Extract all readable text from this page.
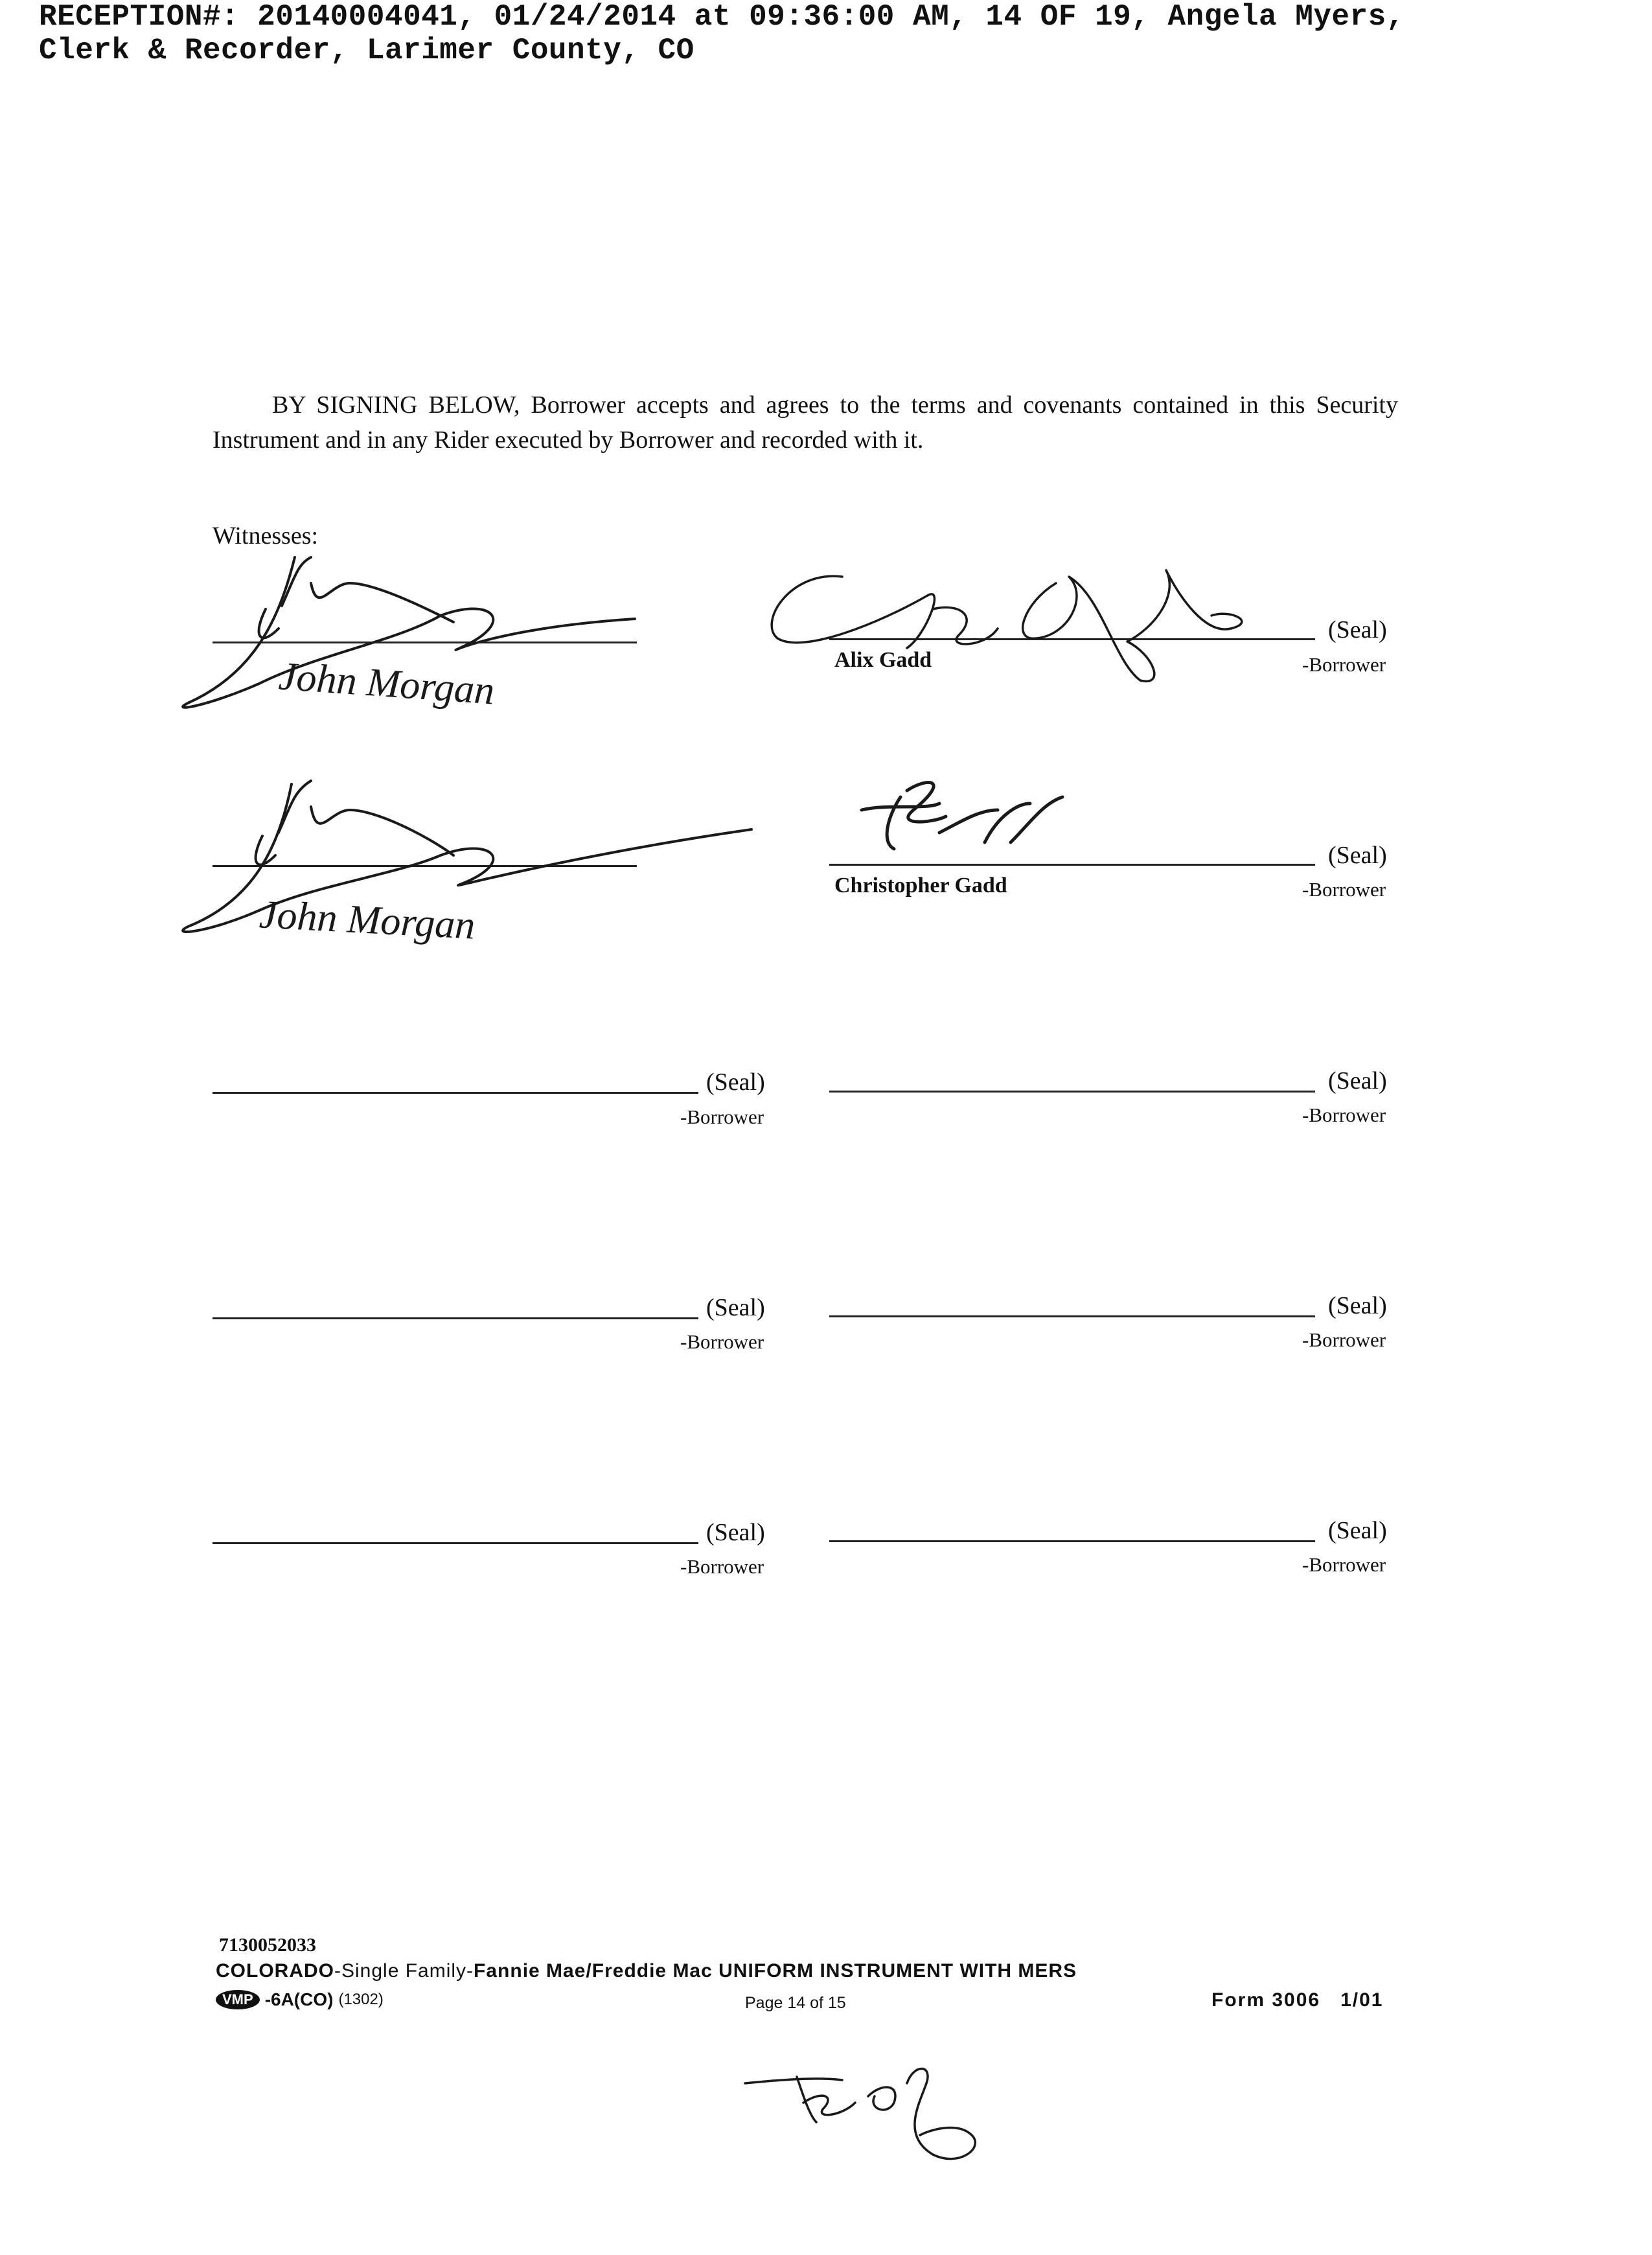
RECEPTION#: 20140004041, 01/24/2014 at 09:36:00 AM, 14 OF 19, Angela Myers,
Clerk & Recorder, Larimer County, CO
BY SIGNING BELOW, Borrower accepts and agrees to the terms and covenants contained in this Security Instrument and in any Rider executed by Borrower and recorded with it.
Witnesses:
John Morgan
John Morgan
Alix Gadd
(Seal)
-Borrower
Christopher Gadd
(Seal)
-Borrower
(Seal)
-Borrower
(Seal)
-Borrower
(Seal)
-Borrower
(Seal)
-Borrower
(Seal)
-Borrower
(Seal)
-Borrower
7130052033
COLORADO-Single Family-Fannie Mae/Freddie Mac UNIFORM INSTRUMENT WITH MERS
VMP -6A(CO) (1302)	Page 14 of 15	Form 3006   1/01
